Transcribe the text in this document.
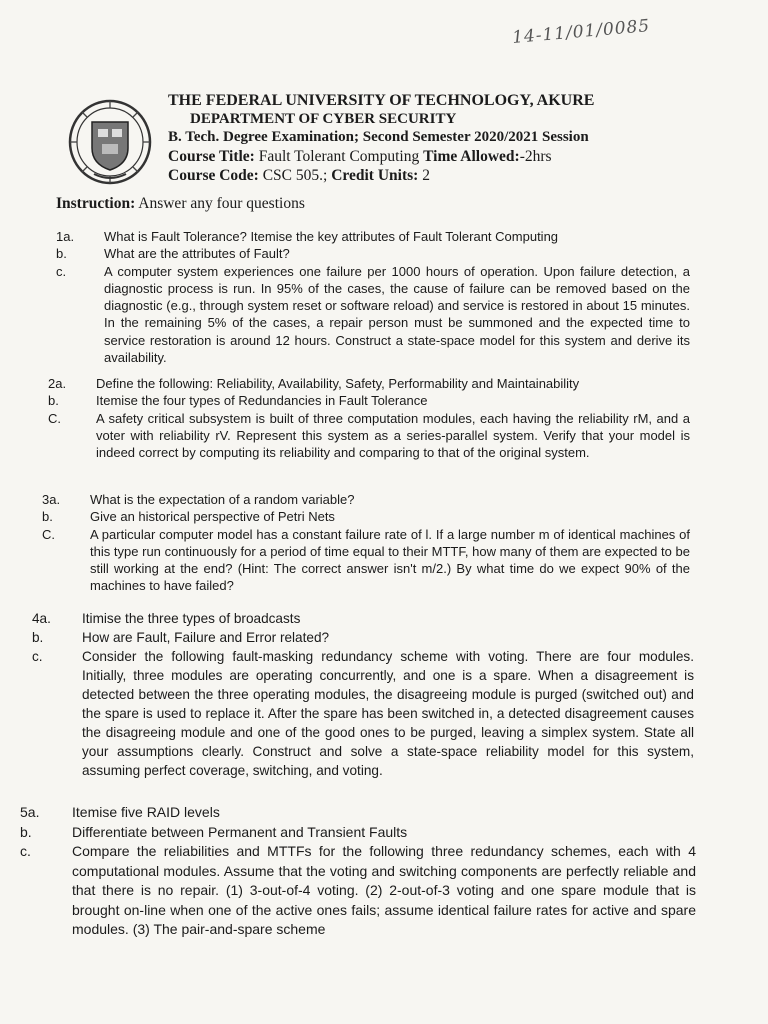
14-11/01/0085
THE FEDERAL UNIVERSITY OF TECHNOLOGY, AKURE
DEPARTMENT OF CYBER SECURITY
B. Tech. Degree Examination; Second Semester 2020/2021 Session
Course Title: Fault Tolerant Computing Time Allowed:-2hrs
Course Code: CSC 505.; Credit Units: 2
Instruction: Answer any four questions
1a. What is Fault Tolerance? Itemise the key attributes of Fault Tolerant Computing
b.	What are the attributes of Fault?
c.	A computer system experiences one failure per 1000 hours of operation. Upon failure detection, a diagnostic process is run. In 95% of the cases, the cause of failure can be removed based on the diagnostic (e.g., through system reset or software reload) and service is restored in about 15 minutes. In the remaining 5% of the cases, a repair person must be summoned and the expected time to service restoration is around 12 hours. Construct a state-space model for this system and derive its availability.
2a. Define the following: Reliability, Availability, Safety, Performability and Maintainability
b.	Itemise the four types of Redundancies in Fault Tolerance
C.	A safety critical subsystem is built of three computation modules, each having the reliability rM, and a voter with reliability rV. Represent this system as a series-parallel system. Verify that your model is indeed correct by computing its reliability and comparing to that of the original system.
3a. What is the expectation of a random variable?
b.	Give an historical perspective of Petri Nets
C.	A particular computer model has a constant failure rate of l. If a large number m of identical machines of this type run continuously for a period of time equal to their MTTF, how many of them are expected to be still working at the end? (Hint: The correct answer isn't m/2.) By what time do we expect 90% of the machines to have failed?
4a. Itimise the three types of broadcasts
b.	How are Fault, Failure and Error related?
c.	Consider the following fault-masking redundancy scheme with voting. There are four modules. Initially, three modules are operating concurrently, and one is a spare. When a disagreement is detected between the three operating modules, the disagreeing module is purged (switched out) and the spare is used to replace it. After the spare has been switched in, a detected disagreement causes the disagreeing module and one of the good ones to be purged, leaving a simplex system. State all your assumptions clearly. Construct and solve a state-space reliability model for this system, assuming perfect coverage, switching, and voting.
5a. Itemise five RAID levels
b.	Differentiate between Permanent and Transient Faults
c.	Compare the reliabilities and MTTFs for the following three redundancy schemes, each with 4 computational modules. Assume that the voting and switching components are perfectly reliable and that there is no repair. (1) 3-out-of-4 voting. (2) 2-out-of-3 voting and one spare module that is brought on-line when one of the active ones fails; assume identical failure rates for active and spare modules. (3) The pair-and-spare scheme
